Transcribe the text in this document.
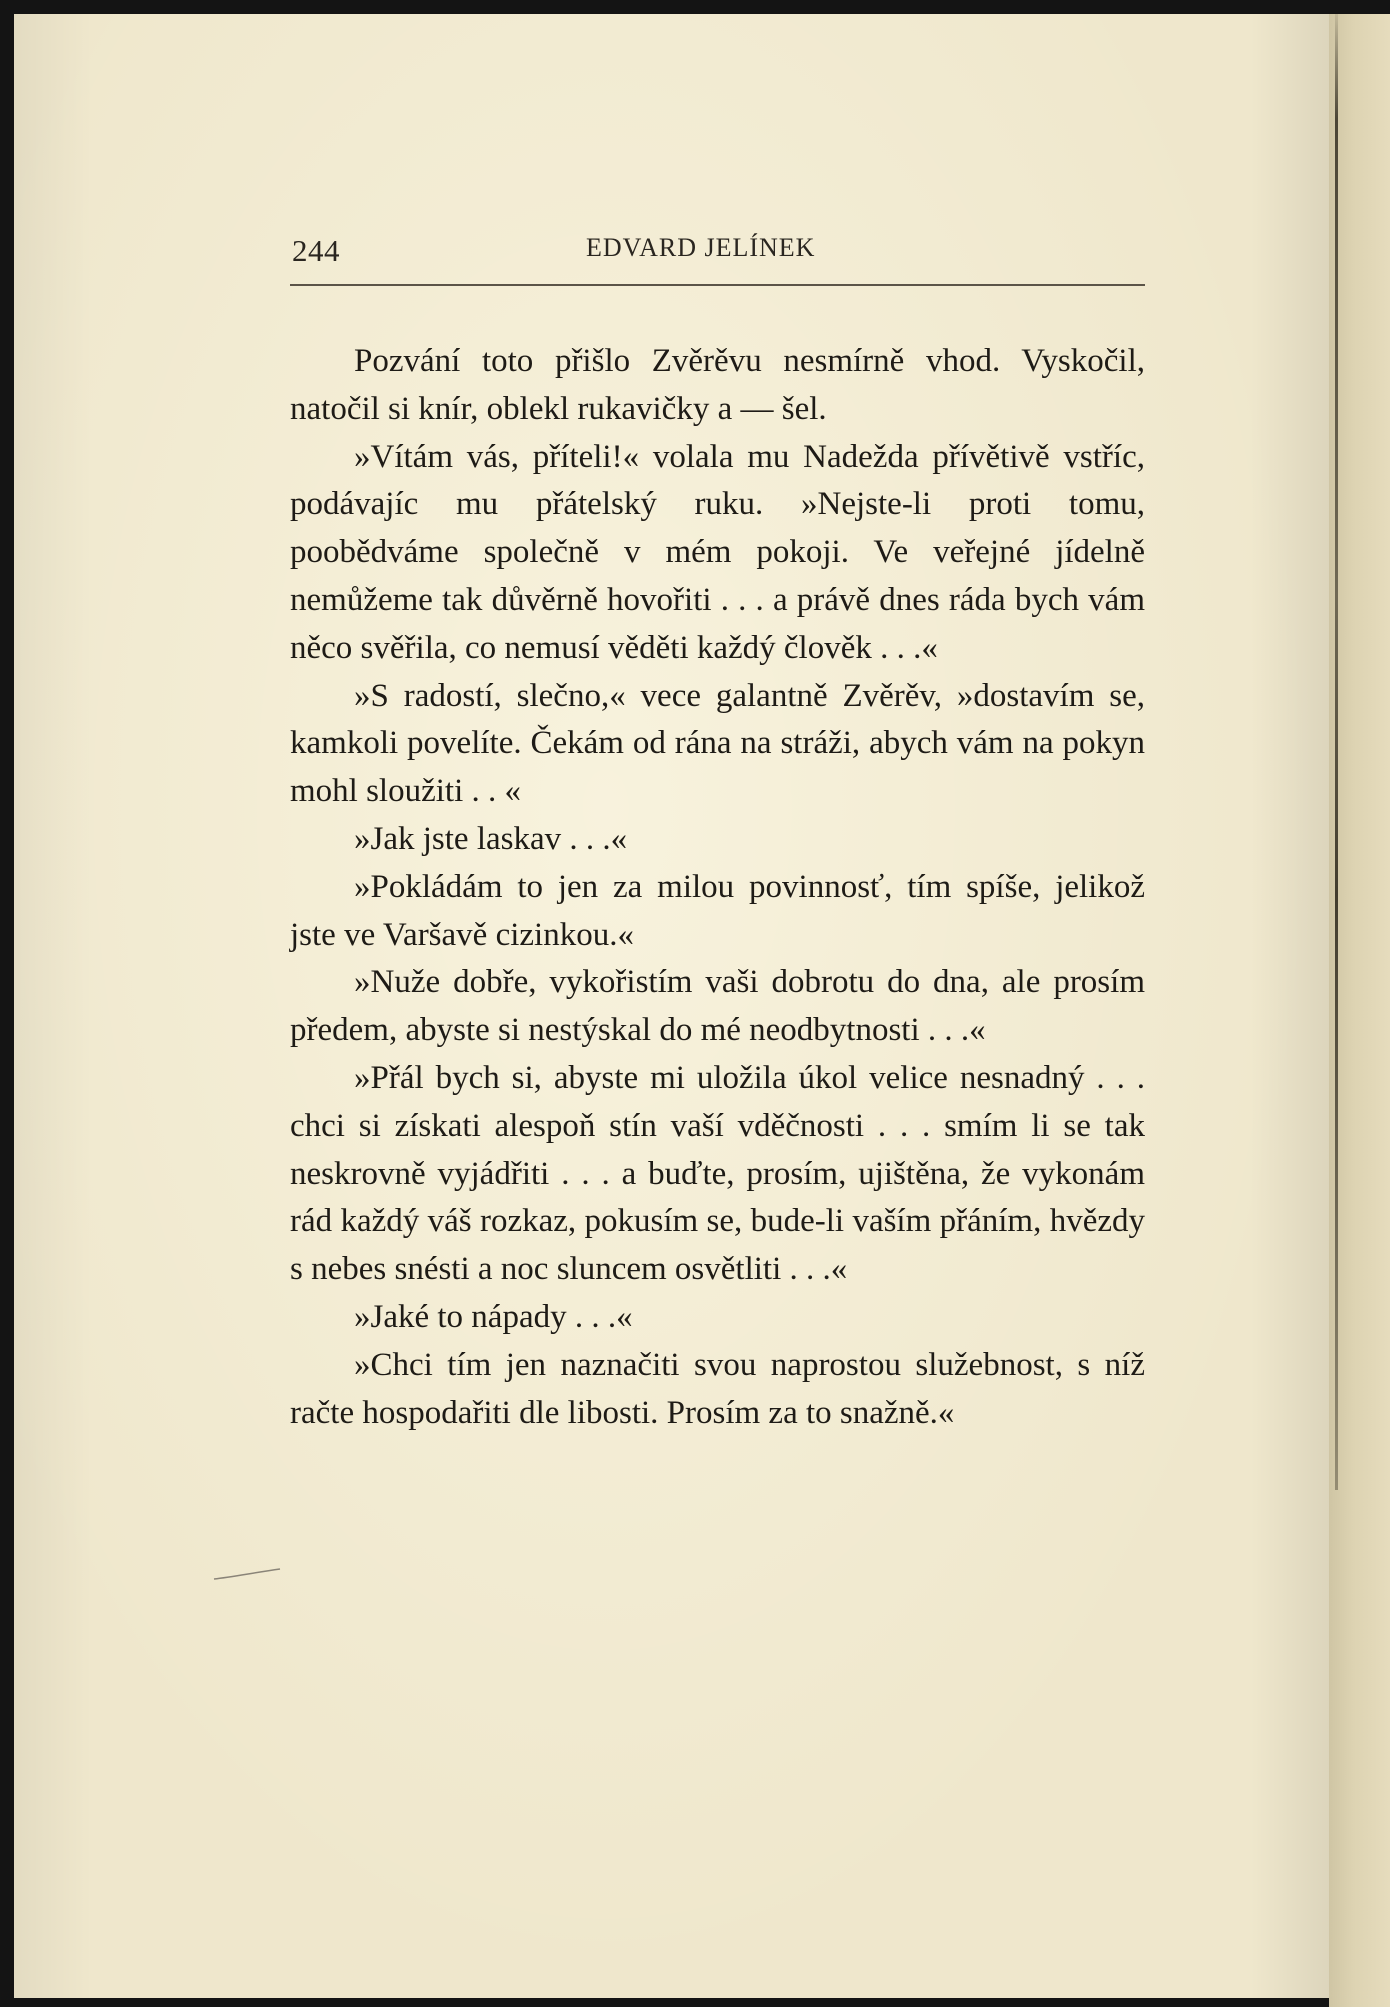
244	EDVARD JELÍNEK

Pozvání toto přišlo Zvěrěvu nesmírně vhod. Vyskočil, natočil si knír, oblekl rukavičky a — šel.

»Vítám vás, příteli!« volala mu Nadežda přívětivě vstříc, podávajíc mu přátelský ruku. »Nejste-li proti tomu, poobědváme společně v mém pokoji. Ve veřejné jídelně nemůžeme tak důvěrně hovořiti . . . a právě dnes ráda bych vám něco svěřila, co nemusí věděti každý člověk . . .«

»S radostí, slečno,« vece galantně Zvěrěv, »dostavím se, kamkoli povelíte. Čekám od rána na stráži, abych vám na pokyn mohl sloužiti . . «

»Jak jste laskav . . .«

»Pokládám to jen za milou povinnosť, tím spíše, jelikož jste ve Varšavě cizinkou.«

»Nuže dobře, vykořistím vaši dobrotu do dna, ale prosím předem, abyste si nestýskal do mé neodbytnosti . . .«

»Přál bych si, abyste mi uložila úkol velice nesnadný . . . chci si získati alespoň stín vaší vděčnosti . . . smím li se tak neskrovně vyjádřiti . . . a buďte, prosím, ujištěna, že vykonám rád každý váš rozkaz, pokusím se, bude-li vaším přáním, hvězdy s nebes snésti a noc sluncem osvětliti . . .«

»Jaké to nápady . . .«

»Chci tím jen naznačiti svou naprostou služebnost, s níž račte hospodařiti dle libosti. Prosím za to snažně.«
